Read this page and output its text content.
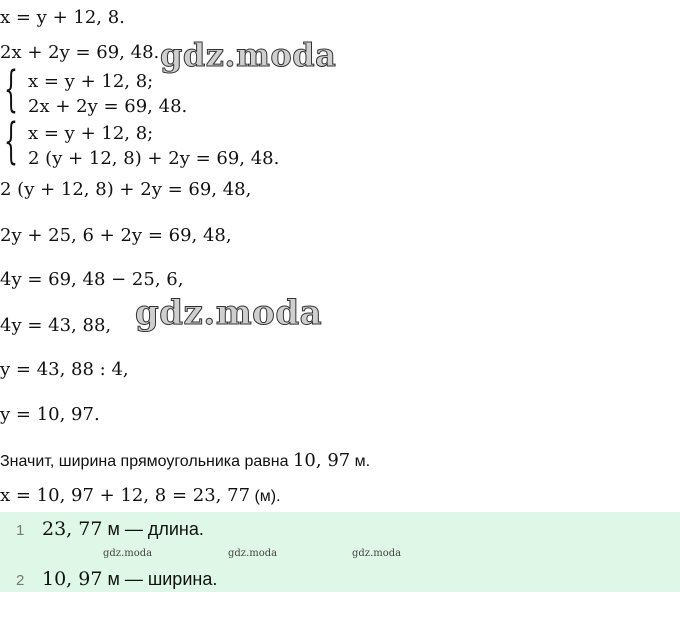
x = y + 12, 8.
2x + 2y = 69, 48.
{ x = y + 12, 8;
2x + 2y = 69, 48.
{ x = y + 12, 8;
2 (y + 12, 8) + 2y = 69, 48.
2 (y + 12, 8) + 2y = 69, 48,
2y + 25, 6 + 2y = 69, 48,
4y = 69, 48 − 25, 6,
4y = 43, 88,
y = 43, 88 : 4,
y = 10, 97.
Значит, ширина прямоугольника равна 10, 97 м.
x = 10, 97 + 12, 8 = 23, 77 (м).
gdz.moda
gdz.moda
1 23, 77 м — длина.
gdz.moda	gdz.moda	gdz.moda
2 10, 97 м — ширина.
